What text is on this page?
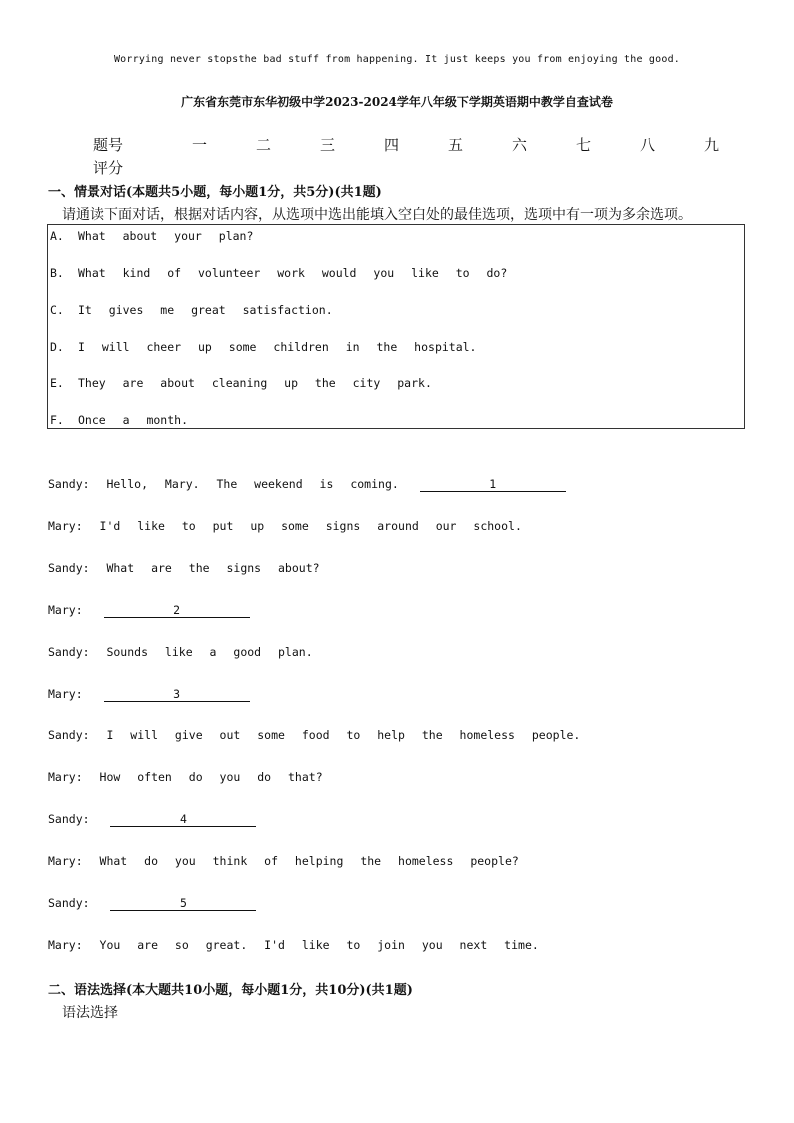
Worrying never stopsthe bad stuff from happening. It just keeps you from enjoying the good.
广东省东莞市东华初级中学2023-2024学年八年级下学期英语期中教学自查试卷
题号	一	二	三	四	五	六	七	八	九
评分
一、情景对话(本题共5小题，每小题1分，共5分)(共1题)
请通读下面对话，根据对话内容，从选项中选出能填入空白处的最佳选项，选项中有一项为多余选项。
A. What about your plan?
B. What kind of volunteer work would you like to do?
C. It gives me great satisfaction.
D. I will cheer up some children in the hospital.
E. They are about cleaning up the city park.
F. Once a month.
Sandy: Hello, Mary. The weekend is coming.	1
Mary: I'd like to put up some signs around our school.
Sandy: What are the signs about?
Mary:	2
Sandy: Sounds like a good plan.
Mary:	3
Sandy: I will give out some food to help the homeless people.
Mary: How often do you do that?
Sandy:	4
Mary: What do you think of helping the homeless people?
Sandy:	5
Mary: You are so great. I'd like to join you next time.
二、语法选择(本大题共10小题，每小题1分，共10分)(共1题)
语法选择
